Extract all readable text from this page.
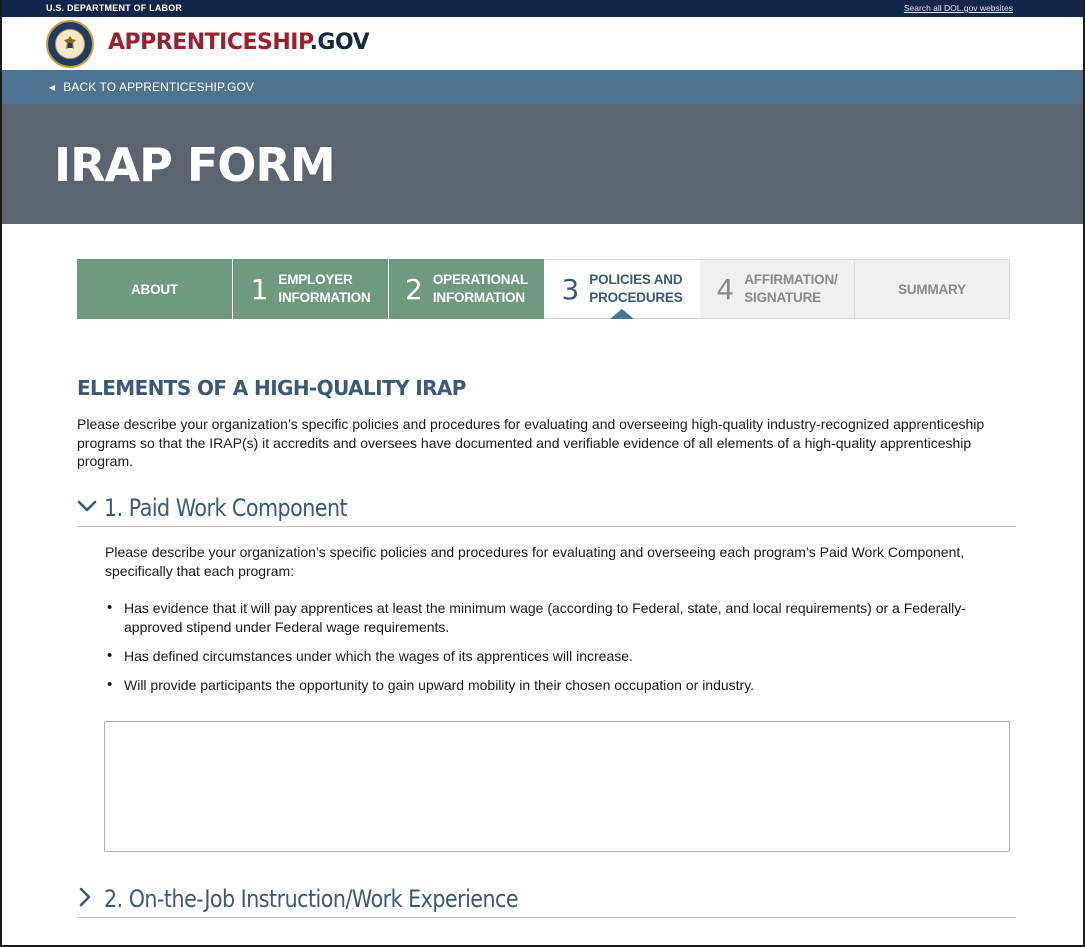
U.S. DEPARTMENT OF LABOR	Search all DOL.gov websites
APPRENTICESHIP.GOV
◀ BACK TO APPRENTICESHIP.GOV
IRAP FORM
ABOUT	1 EMPLOYER
INFORMATION 2 OPERATIONAL
INFORMATION 3 POLICIES AND
PROCEDURES 4 AFFIRMATION/
SIGNATURE
SUMMARY
ELEMENTS OF A HIGH-QUALITY IRAP

Please describe your organization’s specific policies and procedures for evaluating and overseeing high-quality industry-recognized apprenticeship programs so that the IRAP(s) it accredits and oversees have documented and verifiable evidence of all elements of a high-quality apprenticeship program.

1. Paid Work Component

Please describe your organization’s specific policies and procedures for evaluating and overseeing each program’s Paid Work Component, specifically that each program:

• Has evidence that it will pay apprentices at least the minimum wage (according to Federal, state, and local requirements) or a Federally-approved stipend under Federal wage requirements.
• Has defined circumstances under which the wages of its apprentices will increase.
• Will provide participants the opportunity to gain upward mobility in their chosen occupation or industry.
2. On-the-Job Instruction/Work Experience
